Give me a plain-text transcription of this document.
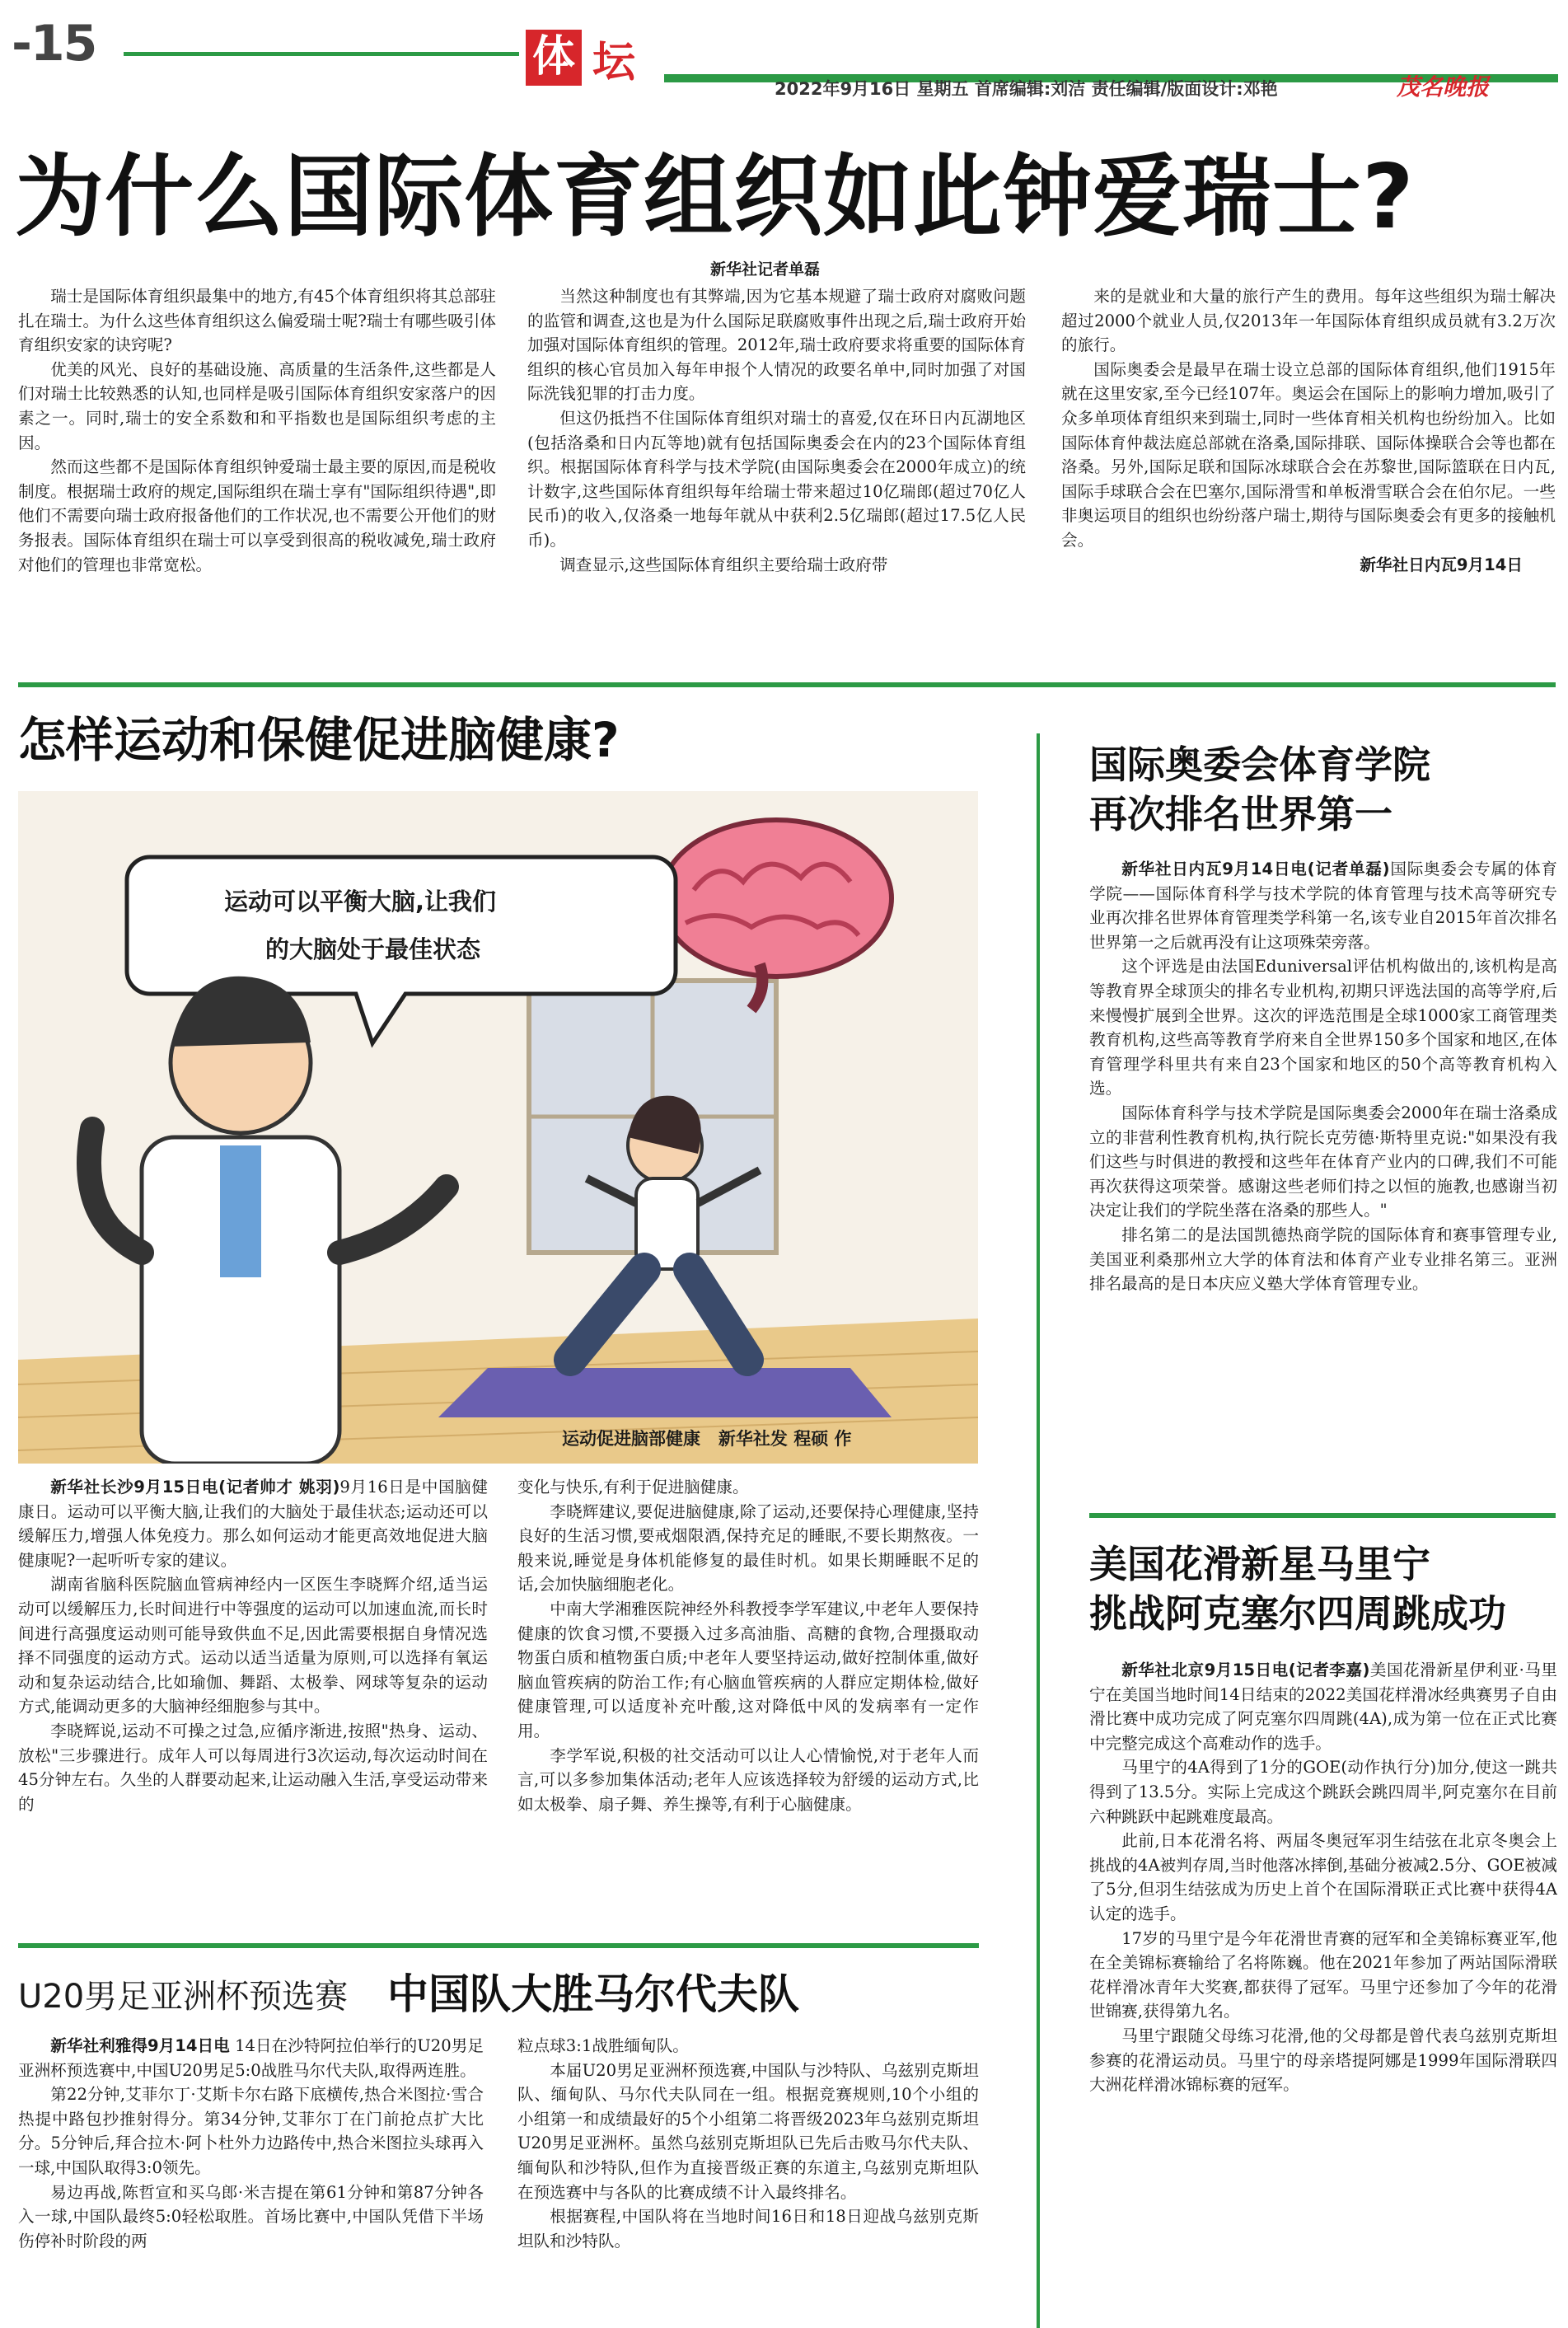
-15	体 坛
2022年9月16日 星期五 首席编辑:刘洁 责任编辑/版面设计:邓艳	茂名晚报
为什么国际体育组织如此钟爱瑞士?
新华社记者单磊

瑞士是国际体育组织最集中的地方,有45个体育组织将其总部驻扎在瑞士。为什么这些体育组织这么偏爱瑞士呢?瑞士有哪些吸引体育组织安家的诀窍呢?

优美的风光、良好的基础设施、高质量的生活条件,这些都是人们对瑞士比较熟悉的认知,也同样是吸引国际体育组织安家落户的因素之一。同时,瑞士的安全系数和和平指数也是国际组织考虑的主因。

然而这些都不是国际体育组织钟爱瑞士最主要的原因,而是税收制度。根据瑞士政府的规定,国际组织在瑞士享有"国际组织待遇",即他们不需要向瑞士政府报备他们的工作状况,也不需要公开他们的财务报表。国际体育组织在瑞士可以享受到很高的税收减免,瑞士政府对他们的管理也非常宽松。

当然这种制度也有其弊端,因为它基本规避了瑞士政府对腐败问题的监管和调查,这也是为什么国际足联腐败事件出现之后,瑞士政府开始加强对国际体育组织的管理。2012年,瑞士政府要求将重要的国际体育组织的核心官员加入每年申报个人情况的政要名单中,同时加强了对国际洗钱犯罪的打击力度。

但这仍抵挡不住国际体育组织对瑞士的喜爱,仅在环日内瓦湖地区(包括洛桑和日内瓦等地)就有包括国际奥委会在内的23个国际体育组织。根据国际体育科学与技术学院(由国际奥委会在2000年成立)的统计数字,这些国际体育组织每年给瑞士带来超过10亿瑞郎(超过70亿人民币)的收入,仅洛桑一地每年就从中获利2.5亿瑞郎(超过17.5亿人民币)。

调查显示,这些国际体育组织主要给瑞士政府带

来的是就业和大量的旅行产生的费用。每年这些组织为瑞士解决超过2000个就业人员,仅2013年一年国际体育组织成员就有3.2万次的旅行。

国际奥委会是最早在瑞士设立总部的国际体育组织,他们1915年就在这里安家,至今已经107年。奥运会在国际上的影响力增加,吸引了众多单项体育组织来到瑞士,同时一些体育相关机构也纷纷加入。比如国际体育仲裁法庭总部就在洛桑,国际排联、国际体操联合会等也都在洛桑。另外,国际足联和国际冰球联合会在苏黎世,国际篮联在日内瓦,国际手球联合会在巴塞尔,国际滑雪和单板滑雪联合会在伯尔尼。一些非奥运项目的组织也纷纷落户瑞士,期待与国际奥委会有更多的接触机会。

新华社日内瓦9月14日
怎样运动和保健促进脑健康?
运动可以平衡大脑,让我们
的大脑处于最佳状态
运动促进脑部健康   新华社发 程硕 作

新华社长沙9月15日电(记者帅才 姚羽)9月16日是中国脑健康日。运动可以平衡大脑,让我们的大脑处于最佳状态;运动还可以缓解压力,增强人体免疫力。那么如何运动才能更高效地促进大脑健康呢?一起听听专家的建议。

湖南省脑科医院脑血管病神经内一区医生李晓辉介绍,适当运动可以缓解压力,长时间进行中等强度的运动可以加速血流,而长时间进行高强度运动则可能导致供血不足,因此需要根据自身情况选择不同强度的运动方式。运动以适当适量为原则,可以选择有氧运动和复杂运动结合,比如瑜伽、舞蹈、太极拳、网球等复杂的运动方式,能调动更多的大脑神经细胞参与其中。

李晓辉说,运动不可操之过急,应循序渐进,按照"热身、运动、放松"三步骤进行。成年人可以每周进行3次运动,每次运动时间在45分钟左右。久坐的人群要动起来,让运动融入生活,享受运动带来的

变化与快乐,有利于促进脑健康。

李晓辉建议,要促进脑健康,除了运动,还要保持心理健康,坚持良好的生活习惯,要戒烟限酒,保持充足的睡眠,不要长期熬夜。一般来说,睡觉是身体机能修复的最佳时机。如果长期睡眠不足的话,会加快脑细胞老化。

中南大学湘雅医院神经外科教授李学军建议,中老年人要保持健康的饮食习惯,不要摄入过多高油脂、高糖的食物,合理摄取动物蛋白质和植物蛋白质;中老年人要坚持运动,做好控制体重,做好脑血管疾病的防治工作;有心脑血管疾病的人群应定期体检,做好健康管理,可以适度补充叶酸,这对降低中风的发病率有一定作用。

李学军说,积极的社交活动可以让人心情愉悦,对于老年人而言,可以多参加集体活动;老年人应该选择较为舒缓的运动方式,比如太极拳、扇子舞、养生操等,有利于心脑健康。

U20男足亚洲杯预选赛 中国队大胜马尔代夫队

新华社利雅得9月14日电 14日在沙特阿拉伯举行的U20男足亚洲杯预选赛中,中国U20男足5:0战胜马尔代夫队,取得两连胜。

第22分钟,艾菲尔丁·艾斯卡尔右路下底横传,热合米图拉·雪合热提中路包抄推射得分。第34分钟,艾菲尔丁在门前抢点扩大比分。5分钟后,拜合拉木·阿卜杜外力边路传中,热合米图拉头球再入一球,中国队取得3:0领先。

易边再战,陈哲宣和买乌郎·米吉提在第61分钟和第87分钟各入一球,中国队最终5:0轻松取胜。首场比赛中,中国队凭借下半场伤停补时阶段的两

粒点球3:1战胜缅甸队。

本届U20男足亚洲杯预选赛,中国队与沙特队、乌兹别克斯坦队、缅甸队、马尔代夫队同在一组。根据竞赛规则,10个小组的小组第一和成绩最好的5个小组第二将晋级2023年乌兹别克斯坦U20男足亚洲杯。虽然乌兹别克斯坦队已先后击败马尔代夫队、缅甸队和沙特队,但作为直接晋级正赛的东道主,乌兹别克斯坦队在预选赛中与各队的比赛成绩不计入最终排名。

根据赛程,中国队将在当地时间16日和18日迎战乌兹别克斯坦队和沙特队。

国际奥委会体育学院
再次排名世界第一

新华社日内瓦9月14日电(记者单磊)国际奥委会专属的体育学院——国际体育科学与技术学院的体育管理与技术高等研究专业再次排名世界体育管理类学科第一名,该专业自2015年首次排名世界第一之后就再没有让这项殊荣旁落。

这个评选是由法国Eduniversal评估机构做出的,该机构是高等教育界全球顶尖的排名专业机构,初期只评选法国的高等学府,后来慢慢扩展到全世界。这次的评选范围是全球1000家工商管理类教育机构,这些高等教育学府来自全世界150多个国家和地区,在体育管理学科里共有来自23个国家和地区的50个高等教育机构入选。

国际体育科学与技术学院是国际奥委会2000年在瑞士洛桑成立的非营利性教育机构,执行院长克劳德·斯特里克说:"如果没有我们这些与时俱进的教授和这些年在体育产业内的口碑,我们不可能再次获得这项荣誉。感谢这些老师们持之以恒的施教,也感谢当初决定让我们的学院坐落在洛桑的那些人。"

排名第二的是法国凯德热商学院的国际体育和赛事管理专业,美国亚利桑那州立大学的体育法和体育产业专业排名第三。亚洲排名最高的是日本庆应义塾大学体育管理专业。

美国花滑新星马里宁
挑战阿克塞尔四周跳成功

新华社北京9月15日电(记者李嘉)美国花滑新星伊利亚·马里宁在美国当地时间14日结束的2022美国花样滑冰经典赛男子自由滑比赛中成功完成了阿克塞尔四周跳(4A),成为第一位在正式比赛中完整完成这个高难动作的选手。

马里宁的4A得到了1分的GOE(动作执行分)加分,使这一跳共得到了13.5分。实际上完成这个跳跃会跳四周半,阿克塞尔在目前六种跳跃中起跳难度最高。

此前,日本花滑名将、两届冬奥冠军羽生结弦在北京冬奥会上挑战的4A被判存周,当时他落冰摔倒,基础分被减2.5分、GOE被减了5分,但羽生结弦成为历史上首个在国际滑联正式比赛中获得4A认定的选手。

17岁的马里宁是今年花滑世青赛的冠军和全美锦标赛亚军,他在全美锦标赛输给了名将陈巍。他在2021年参加了两站国际滑联花样滑冰青年大奖赛,都获得了冠军。马里宁还参加了今年的花滑世锦赛,获得第九名。

马里宁跟随父母练习花滑,他的父母都是曾代表乌兹别克斯坦参赛的花滑运动员。马里宁的母亲塔提阿娜是1999年国际滑联四大洲花样滑冰锦标赛的冠军。
